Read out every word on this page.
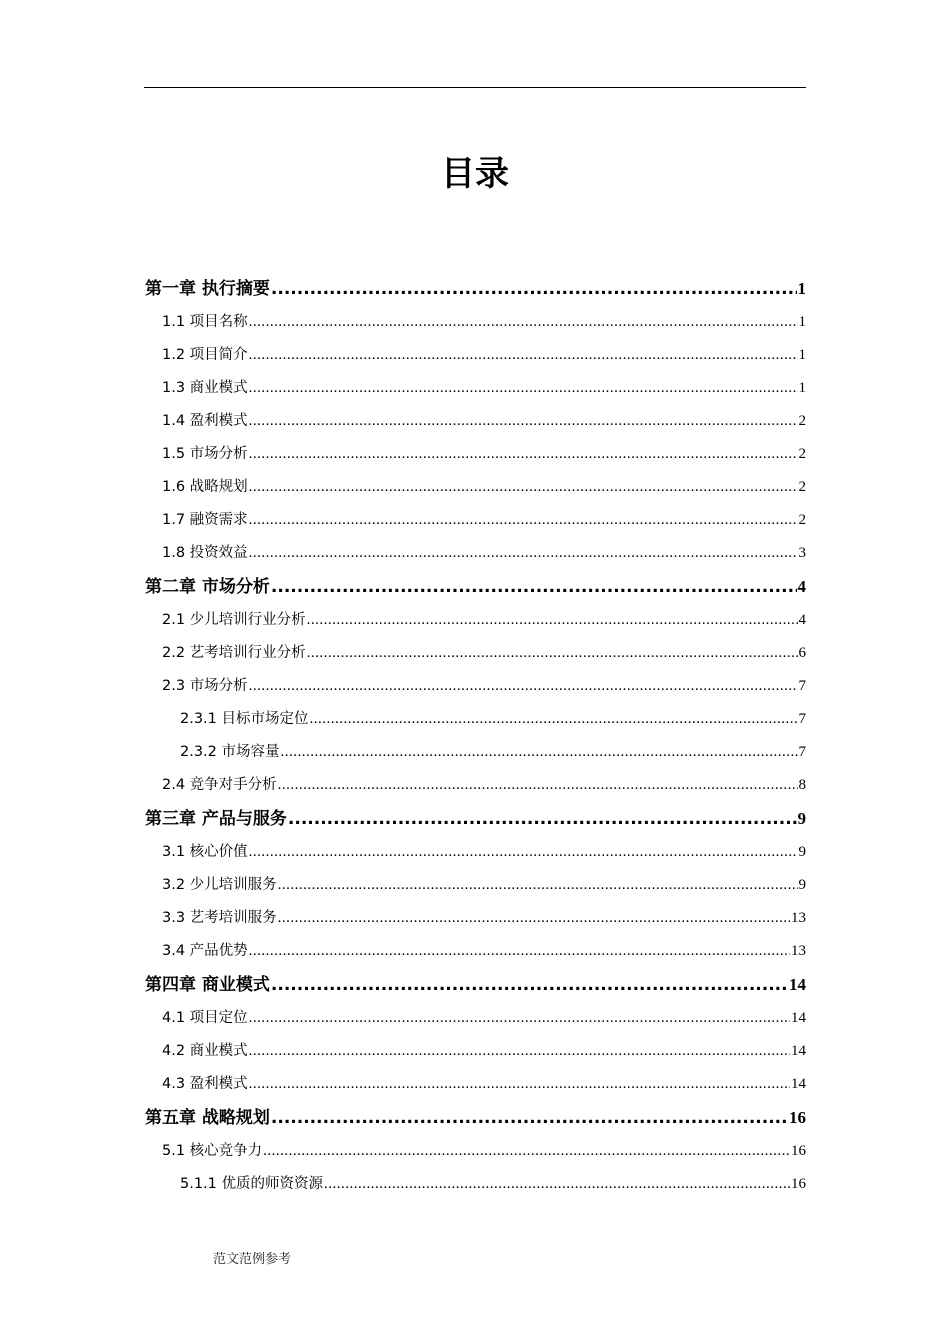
目录
第一章 执行摘要 .....	1
1.1 项目名称 .....	1
1.2 项目简介 .....	1
1.3 商业模式 .....	1
1.4 盈利模式 .....	2
1.5 市场分析 .....	2
1.6 战略规划 .....	2
1.7 融资需求 .....	2
1.8 投资效益 .....	3
第二章 市场分析 .....	4
2.1 少儿培训行业分析 .....	4
2.2 艺考培训行业分析 .....	6
2.3 市场分析 .....	7
2.3.1 目标市场定位 .....	7
2.3.2 市场容量 .....	7
2.4 竞争对手分析 .....	8
第三章 产品与服务 .....	9
3.1 核心价值 .....	9
3.2 少儿培训服务 .....	9
3.3 艺考培训服务 .....	13
3.4 产品优势 .....	13
第四章 商业模式 .....	14
4.1 项目定位 .....	14
4.2 商业模式 .....	14
4.3 盈利模式 .....	14
第五章 战略规划 .....	16
5.1 核心竞争力 .....	16
5.1.1 优质的师资资源 .....	16
范文范例参考
